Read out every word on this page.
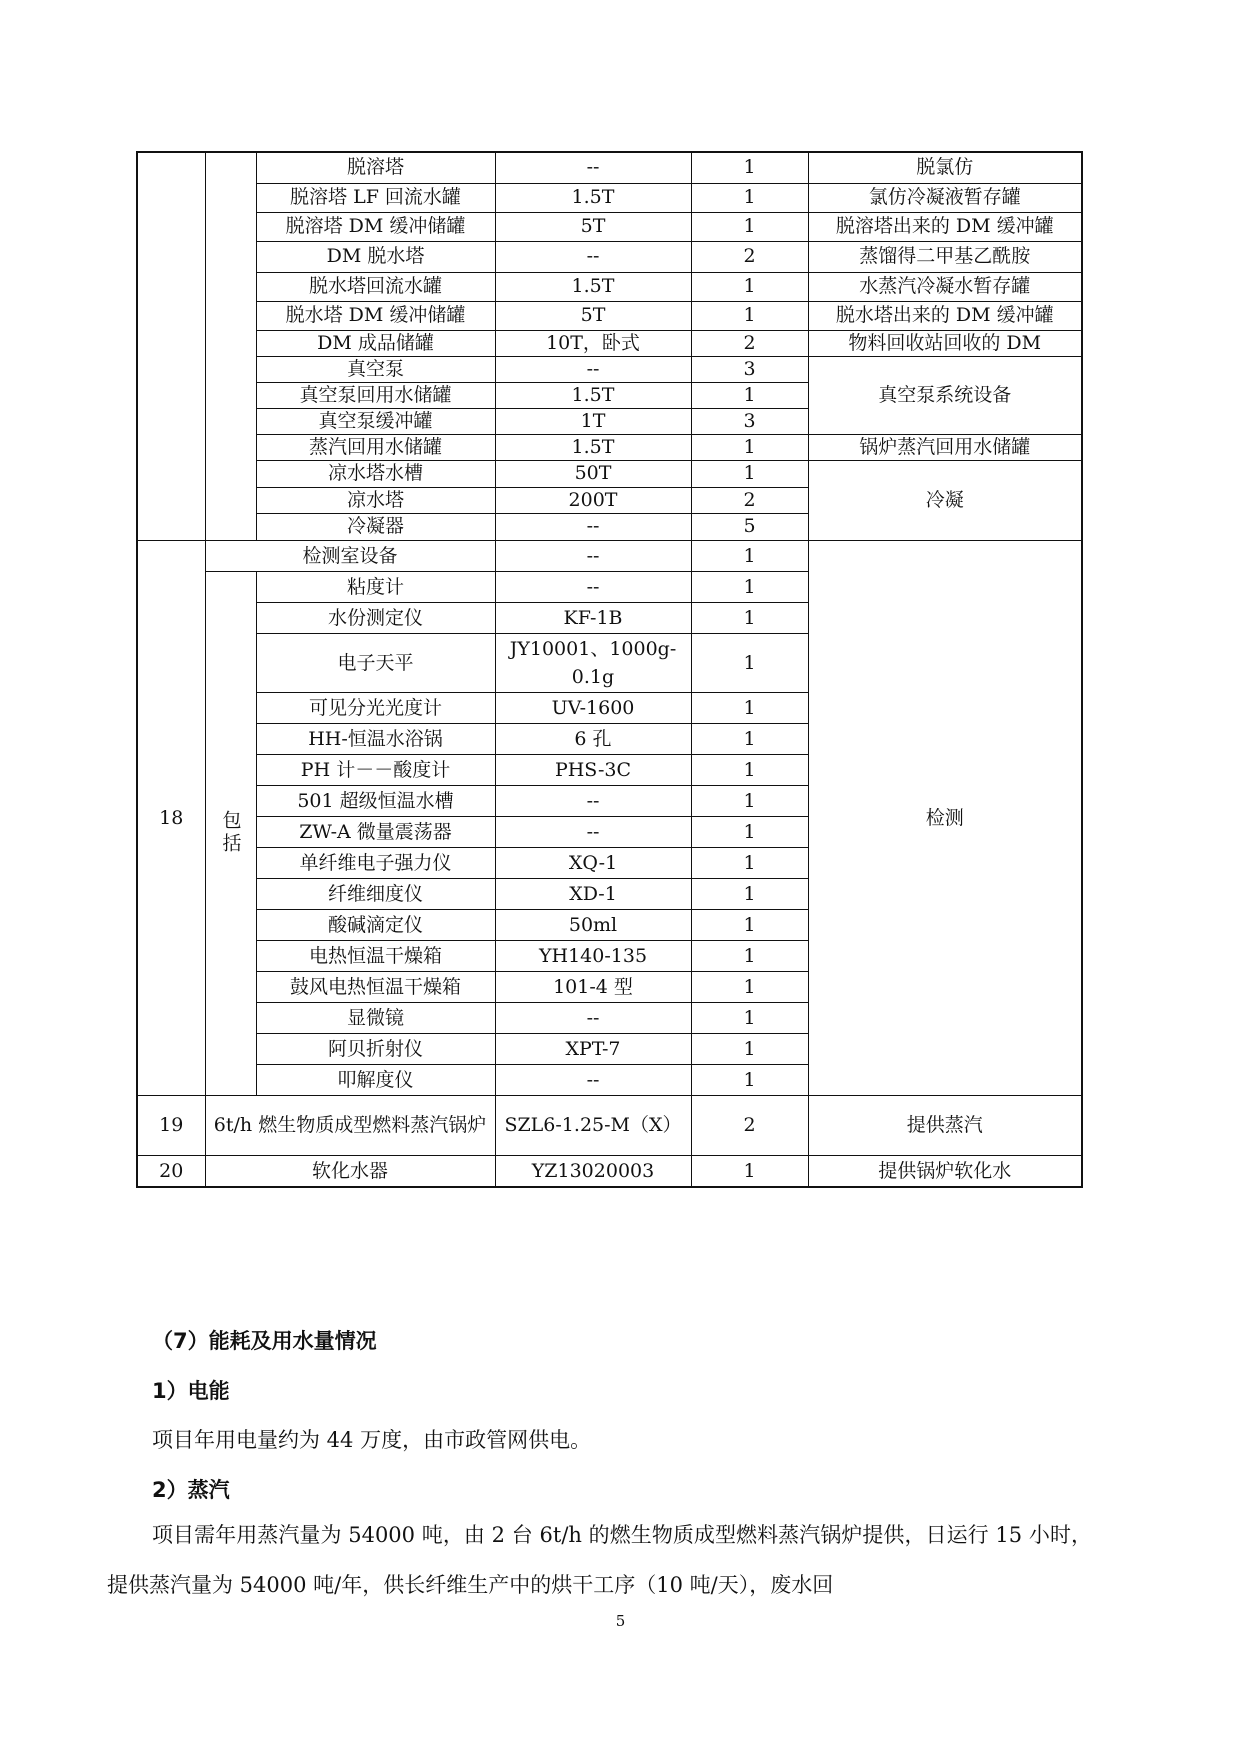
		脱溶塔	--	1	脱氯仿
		脱溶塔 LF 回流水罐	1.5T	1	氯仿冷凝液暂存罐
		脱溶塔 DM 缓冲储罐	5T	1	脱溶塔出来的 DM 缓冲罐
		DM 脱水塔	--	2	蒸馏得二甲基乙酰胺
		脱水塔回流水罐	1.5T	1	水蒸汽冷凝水暂存罐
		脱水塔 DM 缓冲储罐	5T	1	脱水塔出来的 DM 缓冲罐
		DM 成品储罐	10T，卧式	2	物料回收站回收的 DM
		真空泵	--	3	真空泵系统设备
		真空泵回用水储罐	1.5T	1	
		真空泵缓冲罐	1T	3	
		蒸汽回用水储罐	1.5T	1	锅炉蒸汽回用水储罐
		凉水塔水槽	50T	1	冷凝
		凉水塔	200T	2	
		冷凝器	--	5	
18	检测室设备		--	1	检测
	包括	粘度计	--	1	
		水份测定仪	KF-1B	1	
		电子天平	JY10001、1000g-0.1g	1	
		可见分光光度计	UV-1600	1	
		HH-恒温水浴锅	6 孔	1	
		PH 计－－酸度计	PHS-3C	1	
		501 超级恒温水槽	--	1	
		ZW-A 微量震荡器	--	1	
		单纤维电子强力仪	XQ-1	1	
		纤维细度仪	XD-1	1	
		酸碱滴定仪	50ml	1	
		电热恒温干燥箱	YH140-135	1	
		鼓风电热恒温干燥箱	101-4 型	1	
		显微镜	--	1	
		阿贝折射仪	XPT-7	1	
		叩解度仪	--	1	
19	6t/h 燃生物质成型燃料蒸汽锅炉		SZL6-1.25-M（X）	2	提供蒸汽
20	软化水器		YZ13020003	1	提供锅炉软化水
（7）能耗及用水量情况
1）电能
项目年用电量约为 44 万度，由市政管网供电。
2）蒸汽
项目需年用蒸汽量为 54000 吨，由 2 台 6t/h 的燃生物质成型燃料蒸汽锅炉提供，日运行 15 小时，提供蒸汽量为 54000 吨/年，供长纤维生产中的烘干工序（10 吨/天），废水回
5
